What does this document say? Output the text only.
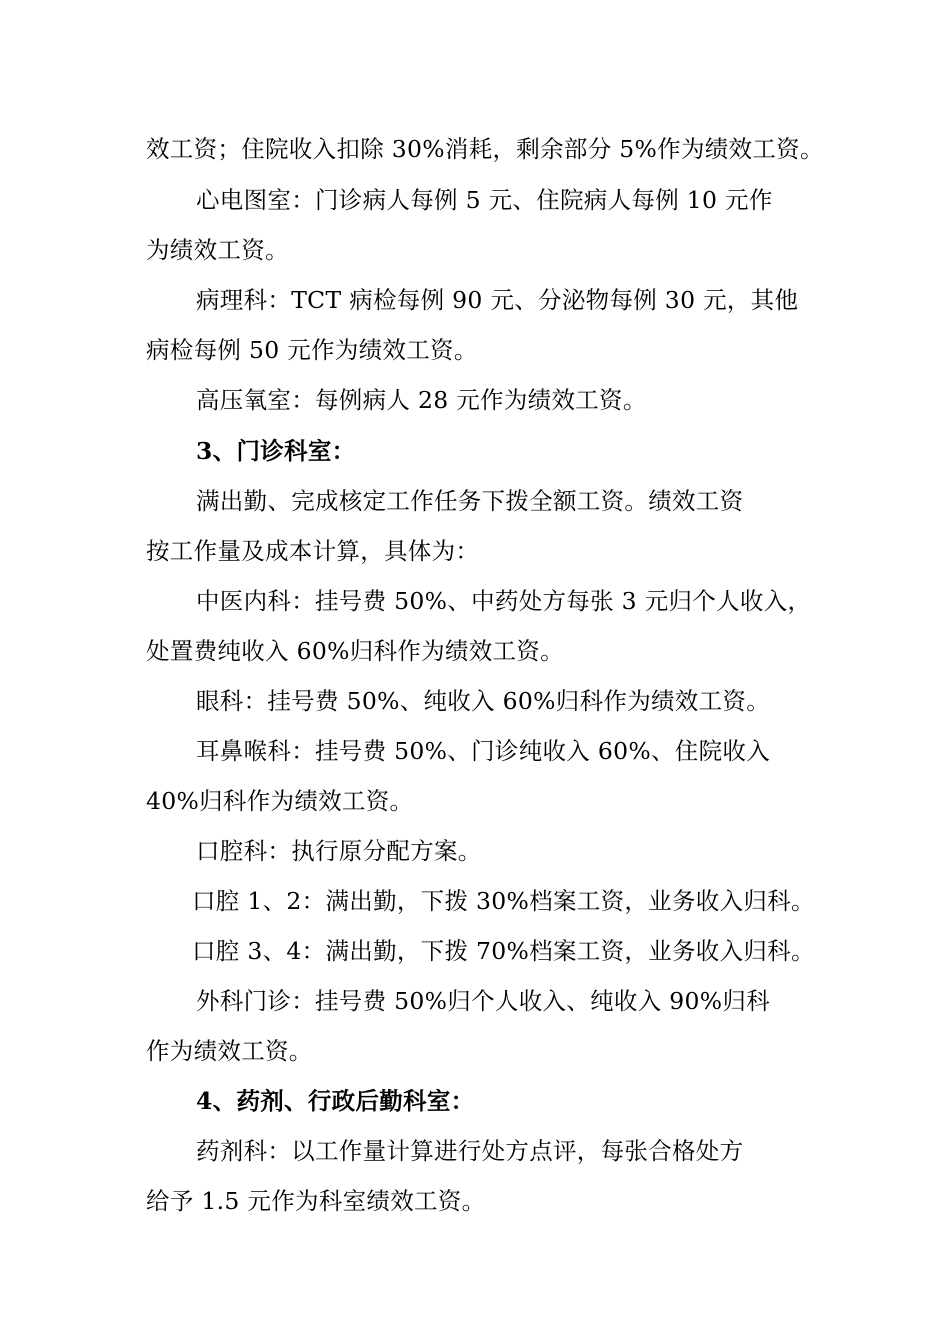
效工资；住院收入扣除 30%消耗，剩余部分 5%作为绩效工资。

心电图室：门诊病人每例 5 元、住院病人每例 10 元作

为绩效工资。

病理科：TCT 病检每例 90 元、分泌物每例 30 元，其他

病检每例 50 元作为绩效工资。

高压氧室：每例病人 28 元作为绩效工资。

3、门诊科室：

满出勤、完成核定工作任务下拨全额工资。绩效工资

按工作量及成本计算，具体为：

中医内科：挂号费 50%、中药处方每张 3 元归个人收入，

处置费纯收入 60%归科作为绩效工资。

眼科：挂号费 50%、纯收入 60%归科作为绩效工资。

耳鼻喉科：挂号费 50%、门诊纯收入 60%、住院收入

40%归科作为绩效工资。

口腔科：执行原分配方案。

口腔 1、2：满出勤，下拨 30%档案工资，业务收入归科。

口腔 3、4：满出勤，下拨 70%档案工资，业务收入归科。

外科门诊：挂号费 50%归个人收入、纯收入 90%归科

作为绩效工资。

4、药剂、行政后勤科室：

药剂科：以工作量计算进行处方点评，每张合格处方

给予 1.5 元作为科室绩效工资。
